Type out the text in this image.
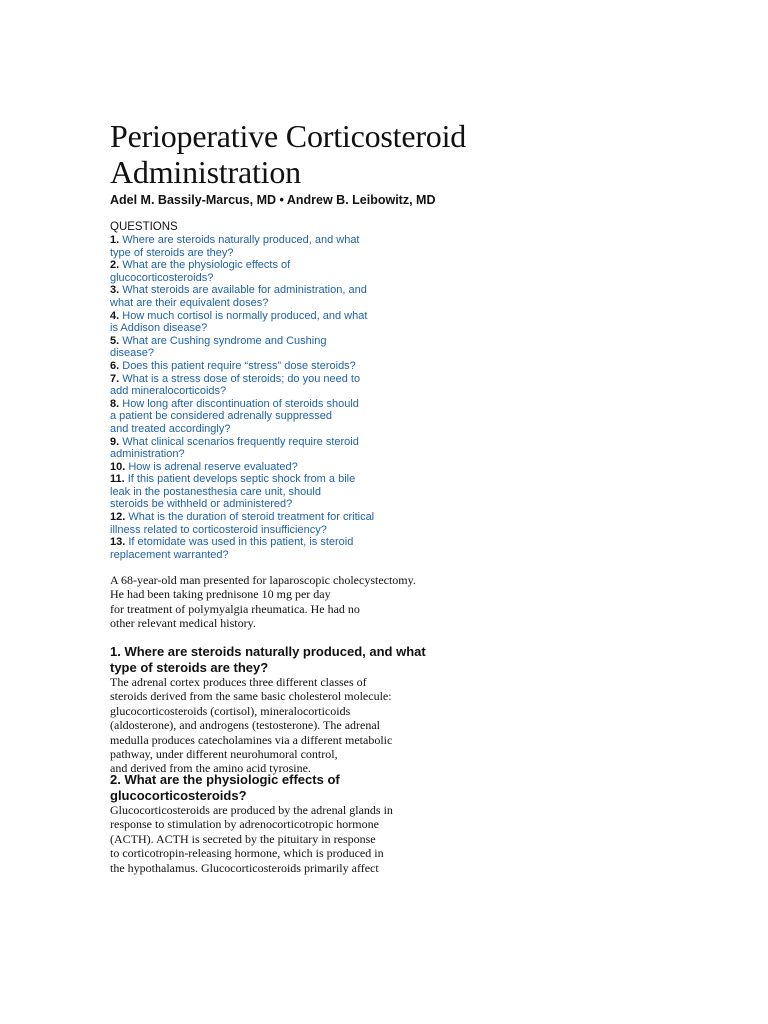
Perioperative Corticosteroid
Administration
Adel M. Bassily-Marcus, MD • Andrew B. Leibowitz, MD
QUESTIONS
1. Where are steroids naturally produced, and what
type of steroids are they?
2. What are the physiologic effects of
glucocorticosteroids?
3. What steroids are available for administration, and
what are their equivalent doses?
4. How much cortisol is normally produced, and what
is Addison disease?
5. What are Cushing syndrome and Cushing
disease?
6. Does this patient require “stress” dose steroids?
7. What is a stress dose of steroids; do you need to
add mineralocorticoids?
8. How long after discontinuation of steroids should
a patient be considered adrenally suppressed
and treated accordingly?
9. What clinical scenarios frequently require steroid
administration?
10. How is adrenal reserve evaluated?
11. If this patient develops septic shock from a bile
leak in the postanesthesia care unit, should
steroids be withheld or administered?
12. What is the duration of steroid treatment for critical
illness related to corticosteroid insufficiency?
13. If etomidate was used in this patient, is steroid
replacement warranted?
A 68-year-old man presented for laparoscopic cholecystectomy.
He had been taking prednisone 10 mg per day
for treatment of polymyalgia rheumatica. He had no
other relevant medical history.
1. Where are steroids naturally produced, and what
type of steroids are they?
The adrenal cortex produces three different classes of
steroids derived from the same basic cholesterol molecule:
glucocorticosteroids (cortisol), mineralocorticoids
(aldosterone), and androgens (testosterone). The adrenal
medulla produces catecholamines via a different metabolic
pathway, under different neurohumoral control,
and derived from the amino acid tyrosine.
2. What are the physiologic effects of
glucocorticosteroids?
Glucocorticosteroids are produced by the adrenal glands in
response to stimulation by adrenocorticotropic hormone
(ACTH). ACTH is secreted by the pituitary in response
to corticotropin-releasing hormone, which is produced in
the hypothalamus. Glucocorticosteroids primarily affect
